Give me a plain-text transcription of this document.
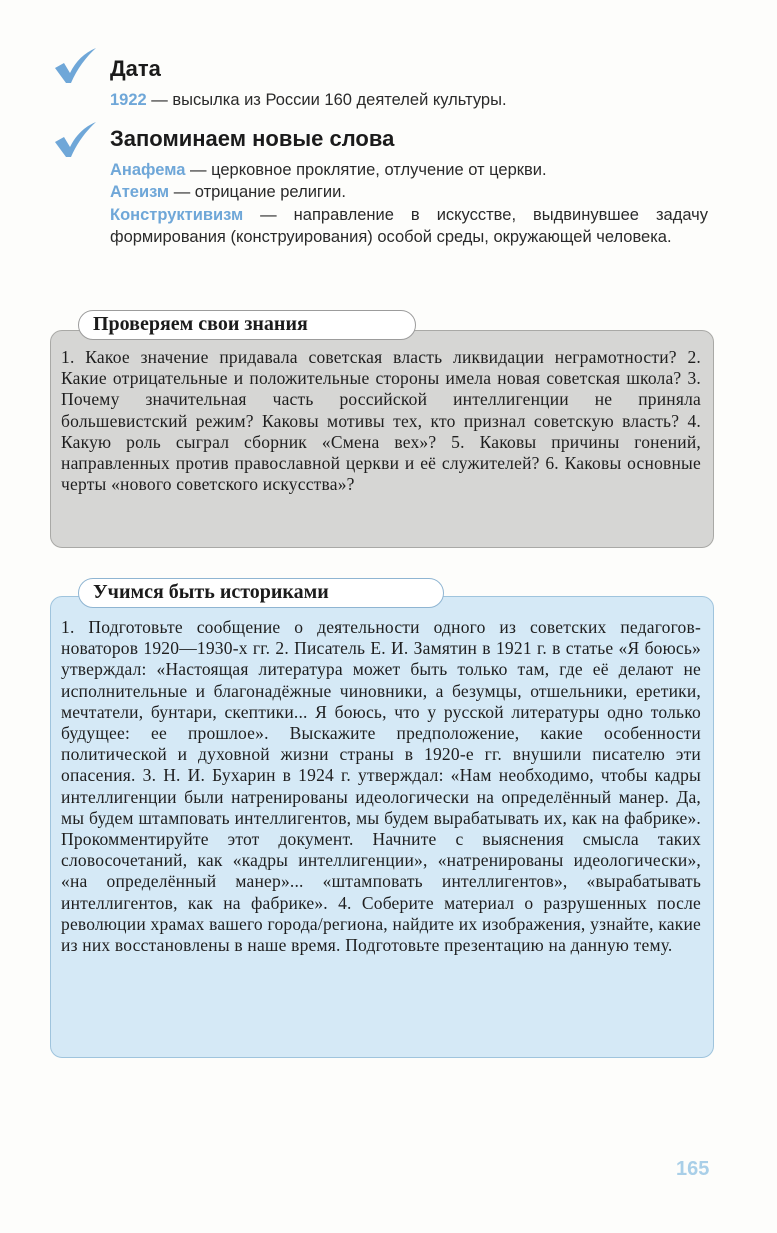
Дата
1922 — высылка из России 160 деятелей культуры.
Запоминаем новые слова
Анафема — церковное проклятие, отлучение от церкви.
Атеизм — отрицание религии.
Конструктивизм — направление в искусстве, выдвинувшее задачу формирования (конструирования) особой среды, окружающей человека.
1. Какое значение придавала советская власть ликвидации неграмотности? 2. Какие отрицательные и положительные стороны имела новая советская школа? 3. Почему значительная часть российской интеллигенции не приняла большевистский режим? Каковы мотивы тех, кто признал советскую власть? 4. Какую роль сыграл сборник «Смена вех»? 5. Каковы причины гонений, направленных против православной церкви и её служителей? 6. Каковы основные черты «нового советского искусства»?
Проверяем свои знания
1. Подготовьте сообщение о деятельности одного из советских педагогов-новаторов 1920—1930-х гг. 2. Писатель Е. И. Замятин в 1921 г. в статье «Я боюсь» утверждал: «Настоящая литература может быть только там, где её делают не исполнительные и благонадёжные чиновники, а безумцы, отшельники, еретики, мечтатели, бунтари, скептики... Я боюсь, что у русской литературы одно только будущее: ее прошлое». Выскажите предположение, какие особенности политической и духовной жизни страны в 1920-е гг. внушили писателю эти опасения. 3. Н. И. Бухарин в 1924 г. утверждал: «Нам необходимо, чтобы кадры интеллигенции были натренированы идеологически на определённый манер. Да, мы будем штамповать интеллигентов, мы будем вырабатывать их, как на фабрике». Прокомментируйте этот документ. Начните с выяснения смысла таких словосочетаний, как «кадры интеллигенции», «натренированы идеологически», «на определённый манер»... «штамповать интеллигентов», «вырабатывать интеллигентов, как на фабрике». 4. Соберите материал о разрушенных после революции храмах вашего города/региона, найдите их изображения, узнайте, какие из них восстановлены в наше время. Подготовьте презентацию на данную тему.
Учимся быть историками
165
